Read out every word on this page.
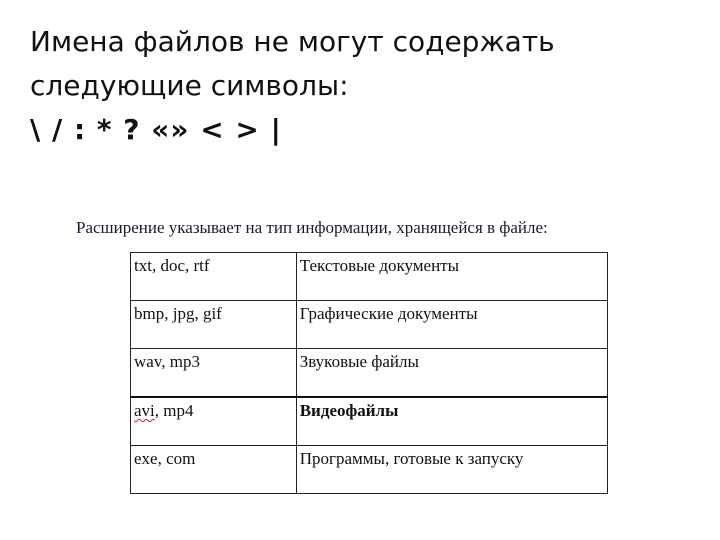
Имена файлов не могут содержать
следующие символы:
\ / : * ? «» < > |
Расширение указывает на тип информации, хранящейся в файле:
txt, doc, rtf	Текстовые документы
bmp, jpg, gif	Графические документы
wav, mp3	Звуковые файлы
avi, mp4	Видеофайлы
exe, com	Программы, готовые к запуску
